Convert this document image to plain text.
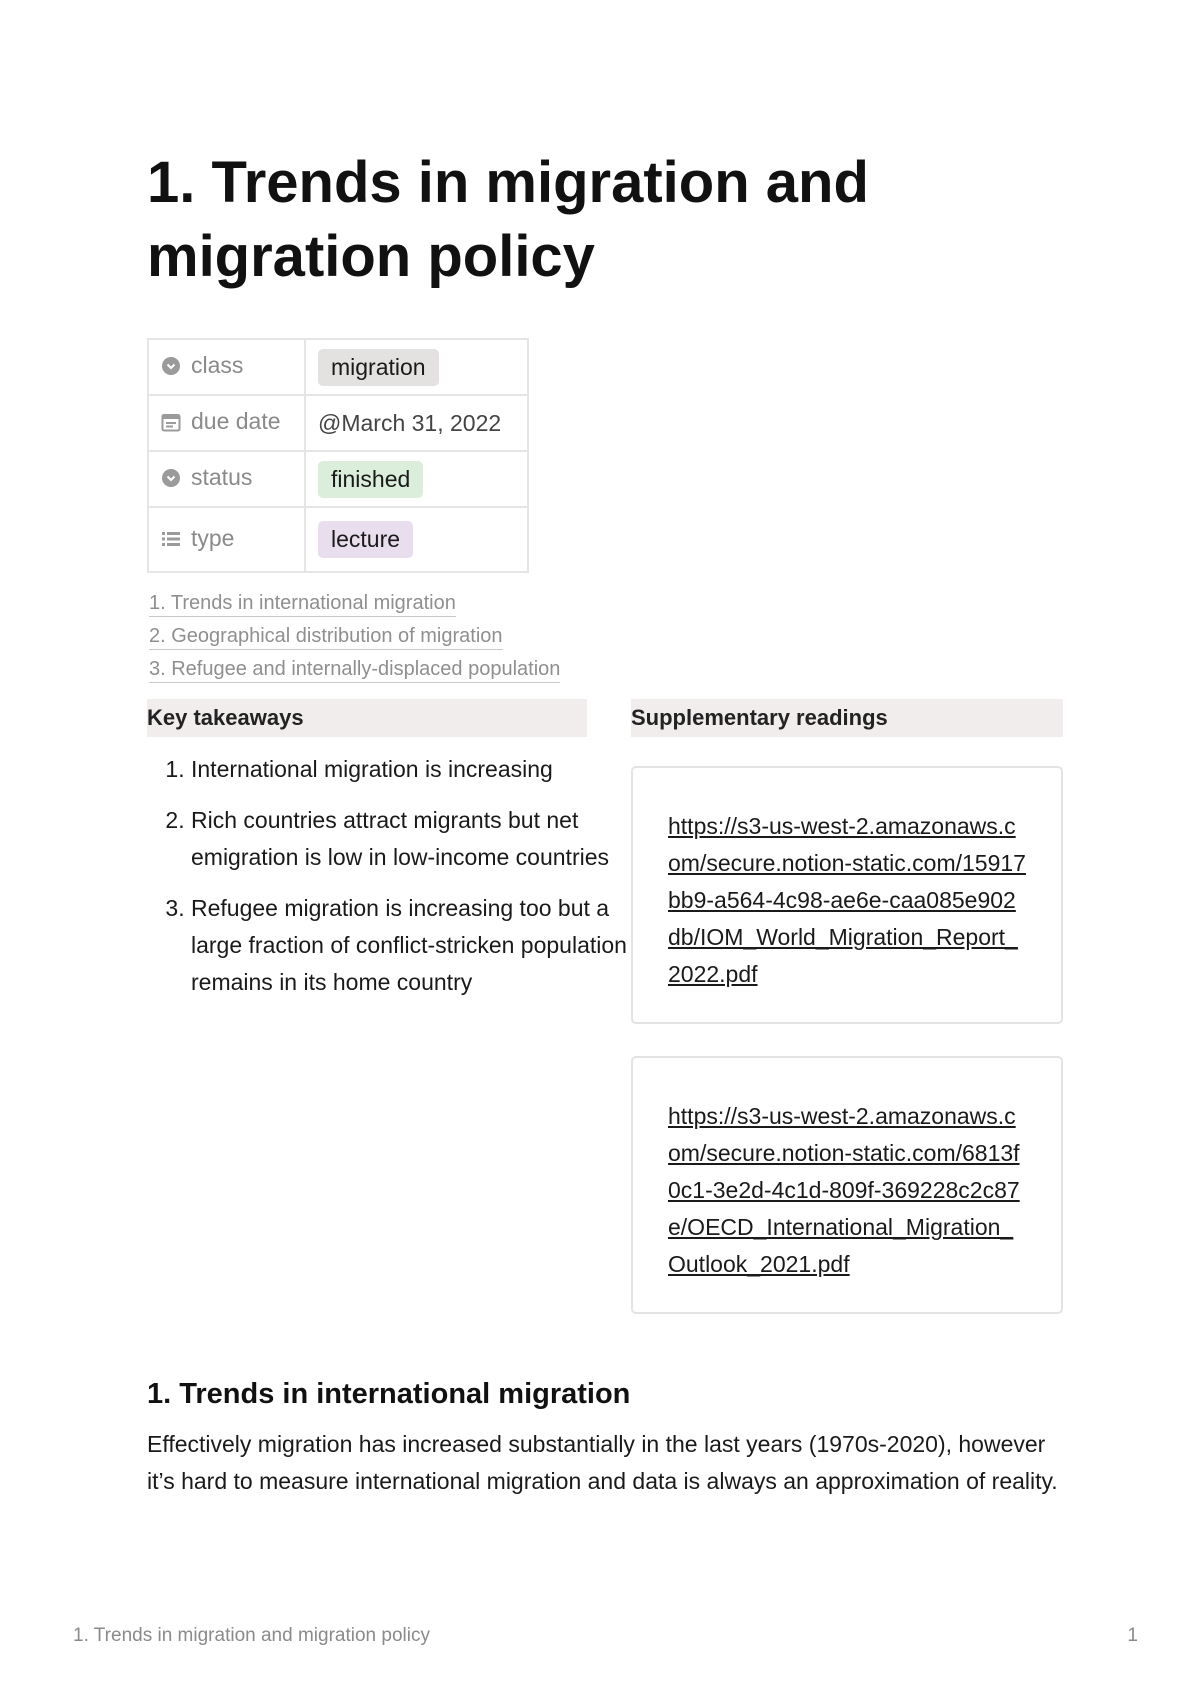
1. Trends in migration and migration policy
class	migration
due date	@March 31, 2022
status	finished
type	lecture
1. Trends in international migration
2. Geographical distribution of migration
3. Refugee and internally-displaced population
Key takeaways
1. International migration is increasing
2. Rich countries attract migrants but net emigration is low in low-income countries
3. Refugee migration is increasing too but a large fraction of conflict-stricken population remains in its home country
Supplementary readings
https://s3-us-west-2.amazonaws.com/secure.notion-static.com/15917bb9-a564-4c98-ae6e-caa085e902db/IOM_World_Migration_Report_2022.pdf
https://s3-us-west-2.amazonaws.com/secure.notion-static.com/6813f0c1-3e2d-4c1d-809f-369228c2c87e/OECD_International_Migration_Outlook_2021.pdf
1. Trends in international migration

Effectively migration has increased substantially in the last years (1970s-2020), however it’s hard to measure international migration and data is always an approximation of reality.

1. Trends in migration and migration policy	1
